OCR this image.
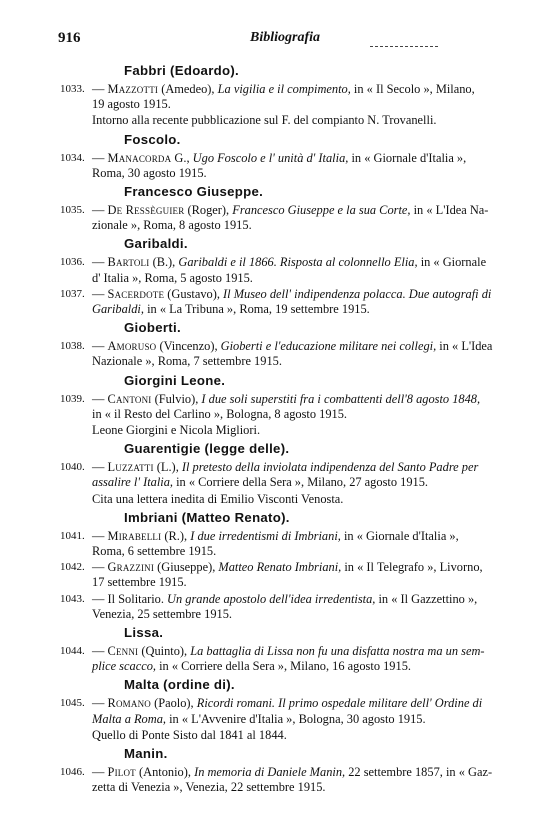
916	Bibliografia
Fabbri (Edoardo).
1033. — Mazzotti (Amedeo), La vigilia e il compimento, in « Il Secolo », Milano,
19 agosto 1915.
Intorno alla recente pubblicazione sul F. del compianto N. Trovanelli.
Foscolo.
1034. — Manacorda G., Ugo Foscolo e l' unità d' Italia, in « Giornale d'Italia »,
Roma, 30 agosto 1915.
Francesco Giuseppe.
1035. — De Ressèguier (Roger), Francesco Giuseppe e la sua Corte, in « L'Idea Na-
zionale », Roma, 8 agosto 1915.
Garibaldi.
1036. — Bartoli (B.), Garibaldi e il 1866. Risposta al colonnello Elia, in « Giornale
d' Italia », Roma, 5 agosto 1915.
1037. — Sacerdote (Gustavo), Il Museo dell' indipendenza polacca. Due autografi di
Garibaldi, in « La Tribuna », Roma, 19 settembre 1915.
Gioberti.
1038. — Amoruso (Vincenzo), Gioberti e l'educazione militare nei collegi, in « L'Idea
Nazionale », Roma, 7 settembre 1915.
Giorgini Leone.
1039. — Cantoni (Fulvio), I due soli superstiti fra i combattenti dell'8 agosto 1848,
in « il Resto del Carlino », Bologna, 8 agosto 1915.
Leone Giorgini e Nicola Migliori.
Guarentigie (legge delle).
1040. — Luzzatti (L.), Il pretesto della inviolata indipendenza del Santo Padre per
assalire l' Italia, in « Corriere della Sera », Milano, 27 agosto 1915.
Cita una lettera inedita di Emilio Visconti Venosta.
Imbriani (Matteo Renato).
1041. — Mirabelli (R.), I due irredentismi di Imbriani, in « Giornale d'Italia »,
Roma, 6 settembre 1915.
1042. — Grazzini (Giuseppe), Matteo Renato Imbriani, in « Il Telegrafo », Livorno,
17 settembre 1915.
1043. — Il Solitario. Un grande apostolo dell'idea irredentista, in « Il Gazzettino »,
Venezia, 25 settembre 1915.
Lissa.
1044. — Cenni (Quinto), La battaglia di Lissa non fu una disfatta nostra ma un sem-
plice scacco, in « Corriere della Sera », Milano, 16 agosto 1915.
Malta (ordine di).
1045. — Romano (Paolo), Ricordi romani. Il primo ospedale militare dell' Ordine di
Malta a Roma, in « L'Avvenire d'Italia », Bologna, 30 agosto 1915.
Quello di Ponte Sisto dal 1841 al 1844.
Manin.
1046. — Pilot (Antonio), In memoria di Daniele Manin, 22 settembre 1857, in « Gaz-
zetta di Venezia », Venezia, 22 settembre 1915.
